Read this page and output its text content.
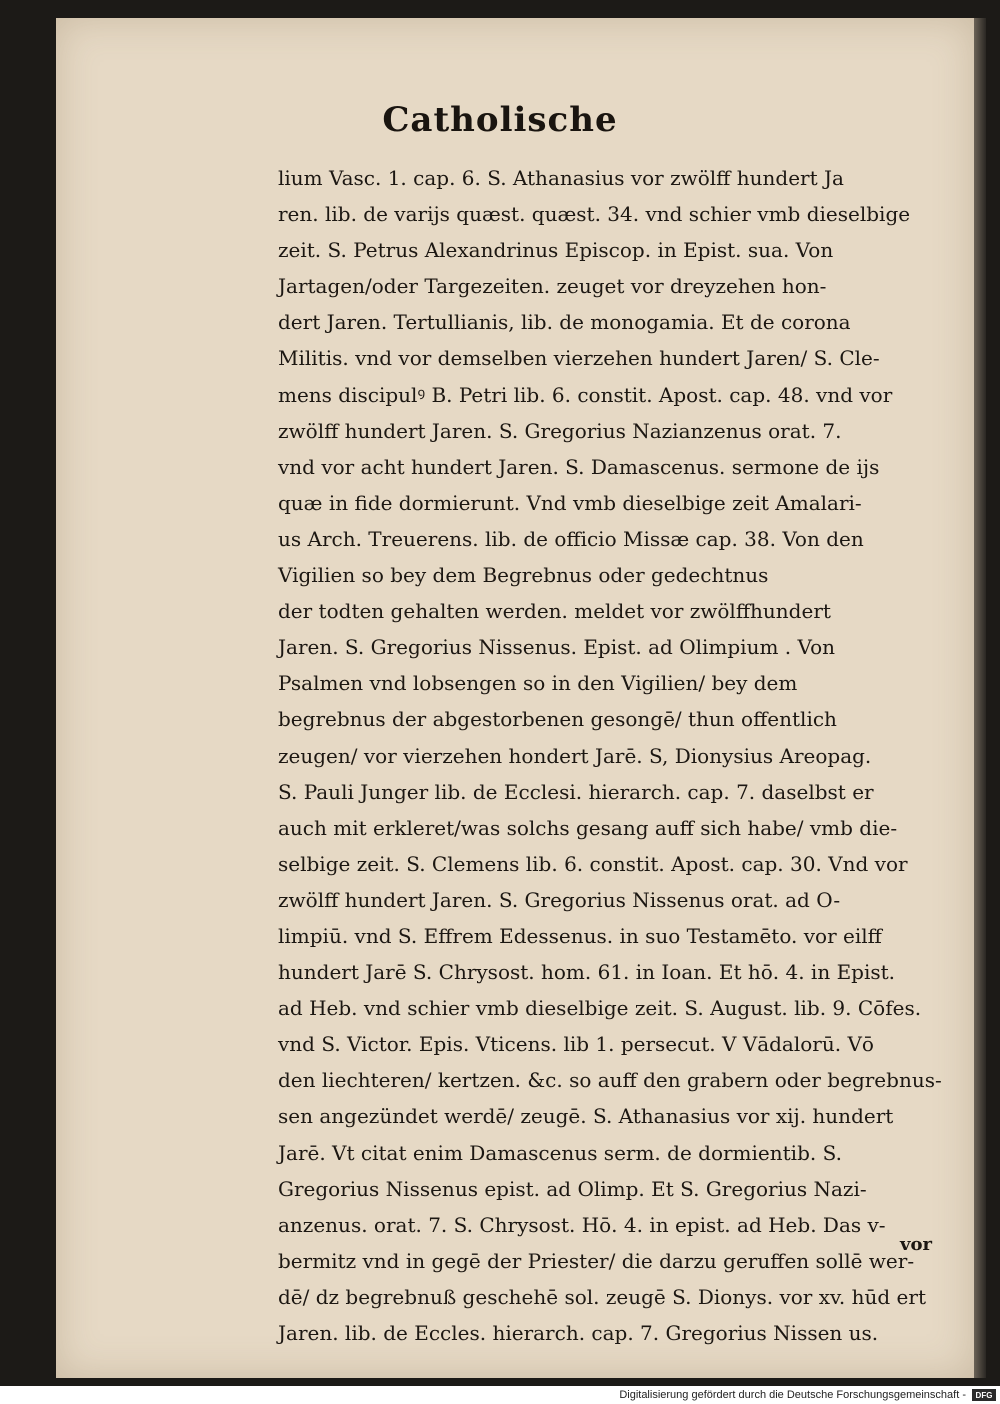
Catholische
lium Vasc. 1. cap. 6. S. Athanasius vor zwölff hundert Ja
ren. lib. de varijs quæst. quæst. 34. vnd schier vmb dieselbige
zeit. S. Petrus Alexandrinus Episcop. in Epist. sua. Von
Jartagen/oder Targezeiten. zeuget vor dreyzehen hon-
dert Jaren. Tertullianis, lib. de monogamia. Et de corona
Militis. vnd vor demselben vierzehen hundert Jaren/ S. Cle-
mens discipulꝰ B. Petri lib. 6. constit. Apost. cap. 48. vnd vor
zwölff hundert Jaren. S. Gregorius Nazianzenus orat. 7.
vnd vor acht hundert Jaren. S. Damascenus. sermone de ijs
quæ in fide dormierunt. Vnd vmb dieselbige zeit Amalari-
us Arch. Treuerens. lib. de officio Missæ cap. 38. Von den
Vigilien so bey dem Begrebnus oder gedechtnus
der todten gehalten werden. meldet vor zwölffhundert
Jaren. S. Gregorius Nissenus. Epist. ad Olimpium . Von
Psalmen vnd lobsengen so in den Vigilien/ bey dem
begrebnus der abgestorbenen gesongē/ thun offentlich
zeugen/ vor vierzehen hondert Jarē. S, Dionysius Areopag.
S. Pauli Junger lib. de Ecclesi. hierarch. cap. 7. daselbst er
auch mit erkleret/was solchs gesang auff sich habe/ vmb die-
selbige zeit. S. Clemens lib. 6. constit. Apost. cap. 30. Vnd vor
zwölff hundert Jaren. S. Gregorius Nissenus orat. ad O-
limpiū. vnd S. Effrem Edessenus. in suo Testamēto. vor eilff
hundert Jarē S. Chrysost. hom. 61. in Ioan. Et hō. 4. in Epist.
ad Heb. vnd schier vmb dieselbige zeit. S. August. lib. 9. Cōfes.
vnd S. Victor. Epis. Vticens. lib 1. persecut. V Vādalorū. Vō
den liechteren/ kertzen. &c. so auff den grabern oder begrebnus-
sen angezündet werdē/ zeugē. S. Athanasius vor xij. hundert
Jarē. Vt citat enim Damascenus serm. de dormientib. S.
Gregorius Nissenus epist. ad Olimp. Et S. Gregorius Nazi-
anzenus. orat. 7. S. Chrysost. Hō. 4. in epist. ad Heb. Das v-
bermitz vnd in gegē der Priester/ die darzu geruffen sollē wer-
dē/ dz begrebnuß geschehē sol. zeugē S. Dionys. vor xv. hūd ert
Jaren. lib. de Eccles. hierarch. cap. 7. Gregorius Nissen us.
vor
Digitalisierung gefördert durch die Deutsche Forschungsgemeinschaft -	DFG
